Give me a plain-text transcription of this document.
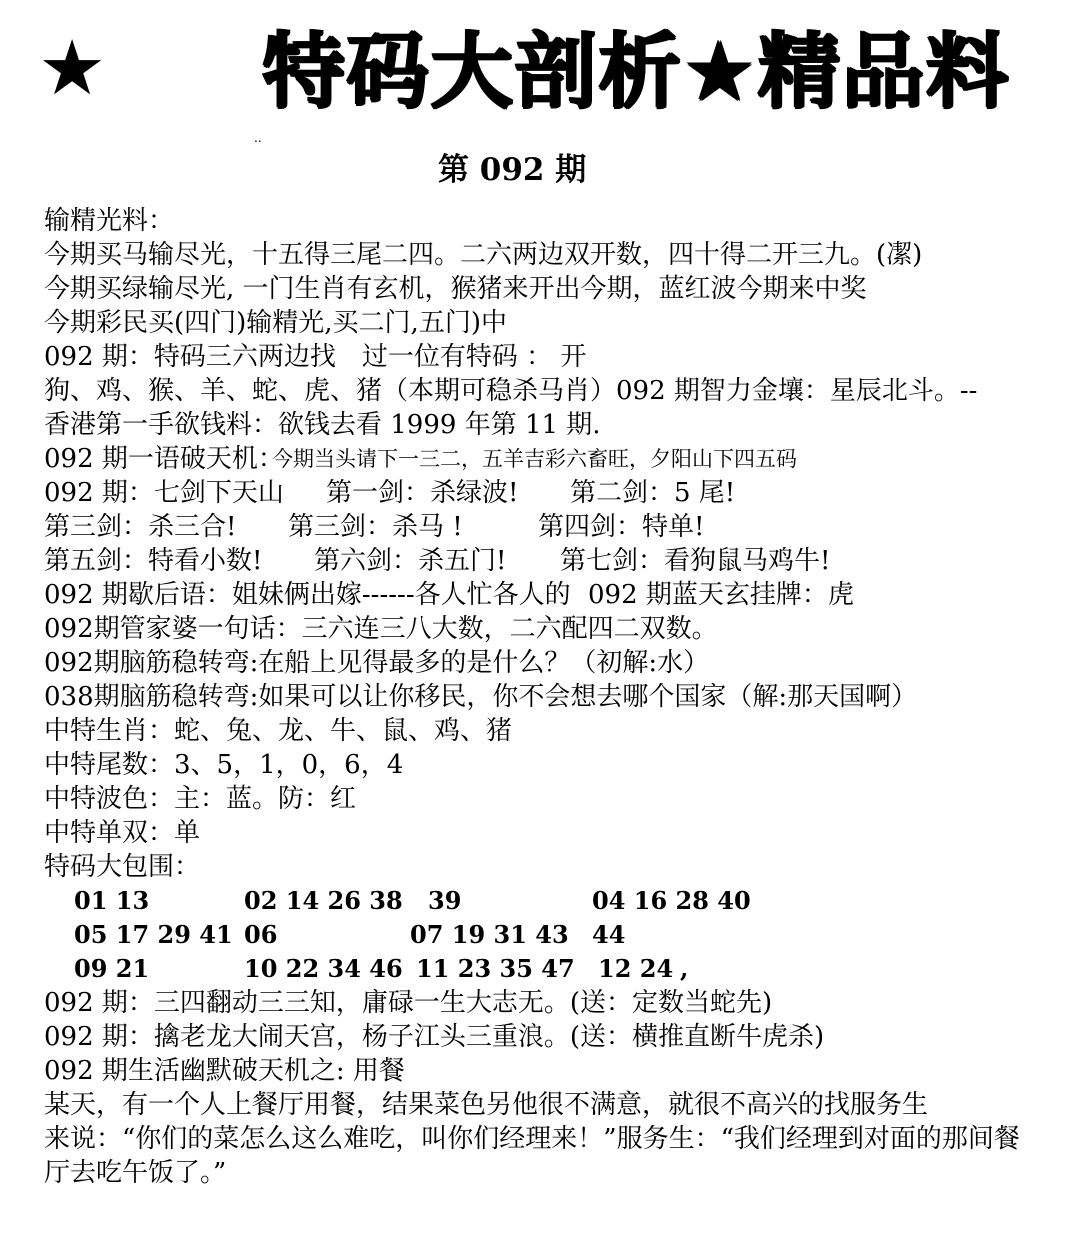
★ 特码大剖析★精品料
..
第 092 期
输精光料：
今期买马输尽光，十五得三尾二四。二六两边双开数，四十得二开三九。(㓗)
今期买绿输尽光, 一门生肖有玄机，猴猪来开出今期，蓝红波今期来中奖
今期彩民买(四门)输精光,买二门,五门)中
092 期：特码三六两边找　过一位有特码 ： 开
狗、鸡、猴、羊、蛇、虎、猪（本期可稳杀马肖）092 期智力金壤：星辰北斗。--
香港第一手欲钱料：欲钱去看 1999 年第 11 期.
092 期一语破天机：
今期当头请下一三二，五羊吉彩六畜旺，夕阳山下四五码
092 期：七剑下天山 第一剑：杀绿波! 第二剑：5 尾!
第三剑：杀三合! 第三剑：杀马 !	第四剑：特单!
第五剑：特看小数! 第六剑：杀五门! 第七剑：看狗鼠马鸡牛!
092 期歇后语：姐妹俩出嫁------各人忙各人的 092 期蓝天玄挂牌：虎
092期管家婆一句话：三六连三八大数，二六配四二双数。
092期脑筋稳转弯:在船上见得最多的是什么？（初解:水）
038期脑筋稳转弯:如果可以让你移民，你不会想去哪个国家（解:那天国啊）
中特生肖：蛇、兔、龙、牛、鼠、鸡、猪
中特尾数：3、5，1，0，6，4
中特波色：主：蓝。防：红
中特单双：单
特码大包围：
01 13	02 14 26 38 39	04 16 28 40
05 17 29 41 06	07 19 31 43 44
09 21	10 22 34 46 11 23 35 47 12 24 ,
092 期：三四翻动三三知，庸碌一生大志无。(送：定数当蛇先)
092 期：擒老龙大闹天宫，杨子江头三重浪。(送：横推直断牛虎杀)
092 期生活幽默破天机之: 用餐
某天，有一个人上餐厅用餐，结果菜色另他很不满意，就很不高兴的找服务生
来说：“你们的菜怎么这么难吃，叫你们经理来！”服务生：“我们经理到对面的那间餐
厅去吃午饭了。”
